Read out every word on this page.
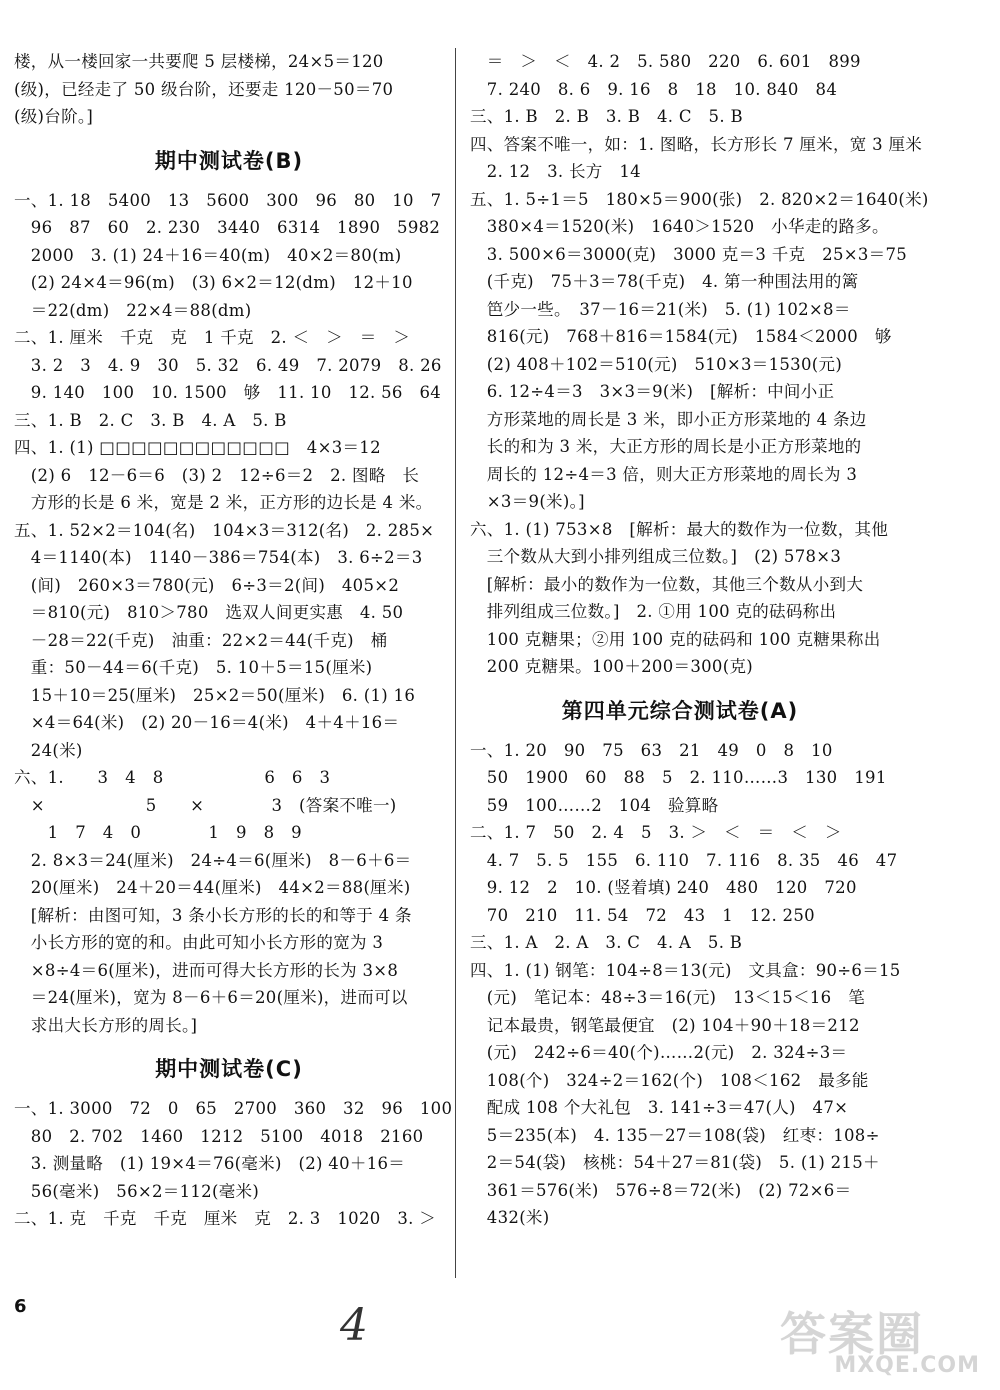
楼，从一楼回家一共要爬 5 层楼梯，24×5＝120
(级)，已经走了 50 级台阶，还要走 120－50＝70
(级)台阶。]
期中测试卷(B)
一、1. 18　5400　13　5600　300　96　80　10　7
　96　87　60　2. 230　3440　6314　1890　5982
　2000　3. (1) 24＋16＝40(m)　40×2＝80(m)
　(2) 24×4＝96(m)　(3) 6×2＝12(dm)　12＋10
　＝22(dm)　22×4＝88(dm)
二、1. 厘米　千克　克　1 千克　2. ＜　＞　＝　＞
　3. 2　3　4. 9　30　5. 32　6. 49　7. 2079　8. 26
　9. 140　100　10. 1500　够　11. 10　12. 56　64
三、1. B　2. C　3. B　4. A　5. B
四、1. (1) □□□□□□□□□□□□　4×3＝12
　(2) 6　12－6＝6　(3) 2　12÷6＝2　2. 图略　长
　方形的长是 6 米，宽是 2 米，正方形的边长是 4 米。
五、1. 52×2＝104(名)　104×3＝312(名)　2. 285×
　4＝1140(本)　1140－386＝754(本)　3. 6÷2＝3
　(间)　260×3＝780(元)　6÷3＝2(间)　405×2
　＝810(元)　810＞780　选双人间更实惠　4. 50
　－28＝22(千克)　油重：22×2＝44(千克)　桶
　重：50－44＝6(千克)　5. 10＋5＝15(厘米)
　15＋10＝25(厘米)　25×2＝50(厘米)　6. (1) 16
　×4＝64(米)　(2) 20－16＝4(米)　4＋4＋16＝
　24(米)
六、1.　　3　4　8　　　　　　6　6　3
　×　　　　　　5　　×　　　　3　(答案不唯一)
　　1　7　4　0　　　　1　9　8　9
　2. 8×3＝24(厘米)　24÷4＝6(厘米)　8－6＋6＝
　20(厘米)　24＋20＝44(厘米)　44×2＝88(厘米)
　[解析：由图可知，3 条小长方形的长的和等于 4 条
　小长方形的宽的和。由此可知小长方形的宽为 3
　×8÷4＝6(厘米)，进而可得大长方形的长为 3×8
　＝24(厘米)，宽为 8－6＋6＝20(厘米)，进而可以
　求出大长方形的周长。]
期中测试卷(C)
一、1. 3000　72　0　65　2700　360　32　96　100
　80　2. 702　1460　1212　5100　4018　2160
　3. 测量略　(1) 19×4＝76(毫米)　(2) 40＋16＝
　56(毫米)　56×2＝112(毫米)
二、1. 克　千克　千克　厘米　克　2. 3　1020　3. ＞
　＝　＞　＜　4. 2　5. 580　220　6. 601　899
　7. 240　8. 6　9. 16　8　18　10. 840　84
三、1. B　2. B　3. B　4. C　5. B
四、答案不唯一，如：1. 图略，长方形长 7 厘米，宽 3 厘米
　2. 12　3. 长方　14
五、1. 5÷1＝5　180×5＝900(张)　2. 820×2＝1640(米)
　380×4＝1520(米)　1640＞1520　小华走的路多。
　3. 500×6＝3000(克)　3000 克＝3 千克　25×3＝75
　(千克)　75＋3＝78(千克)　4. 第一种围法用的篱
　笆少一些。　37－16＝21(米)　5. (1) 102×8＝
　816(元)　768＋816＝1584(元)　1584＜2000　够
　(2) 408＋102＝510(元)　510×3＝1530(元)
　6. 12÷4＝3　3×3＝9(米)　[解析：中间小正
　方形菜地的周长是 3 米，即小正方形菜地的 4 条边
　长的和为 3 米，大正方形的周长是小正方形菜地的
　周长的 12÷4＝3 倍，则大正方形菜地的周长为 3
　×3＝9(米)。]
六、1. (1) 753×8　[解析：最大的数作为一位数，其他
　三个数从大到小排列组成三位数。]　(2) 578×3
　[解析：最小的数作为一位数，其他三个数从小到大
　排列组成三位数。]　2. ①用 100 克的砝码称出
　100 克糖果；②用 100 克的砝码和 100 克糖果称出
　200 克糖果。100＋200＝300(克)
第四单元综合测试卷(A)
一、1. 20　90　75　63　21　49　0　8　10
　50　1900　60　88　5　2. 110……3　130　191
　59　100……2　104　验算略
二、1. 7　50　2. 4　5　3. ＞　＜　＝　＜　＞
　4. 7　5. 5　155　6. 110　7. 116　8. 35　46　47
　9. 12　2　10. (竖着填) 240　480　120　720
　70　210　11. 54　72　43　1　12. 250
三、1. A　2. A　3. C　4. A　5. B
四、1. (1) 钢笔：104÷8＝13(元)　文具盒：90÷6＝15
　(元)　笔记本：48÷3＝16(元)　13＜15＜16　笔
　记本最贵，钢笔最便宜　(2) 104＋90＋18＝212
　(元)　242÷6＝40(个)……2(元)　2. 324÷3＝
　108(个)　324÷2＝162(个)　108＜162　最多能
　配成 108 个大礼包　3. 141÷3＝47(人)　47×
　5＝235(本)　4. 135－27＝108(袋)　红枣：108÷
　2＝54(袋)　核桃：54＋27＝81(袋)　5. (1) 215＋
　361＝576(米)　576÷8＝72(米)　(2) 72×6＝
　432(米)
6	4	答案圈
MXQE.COM
